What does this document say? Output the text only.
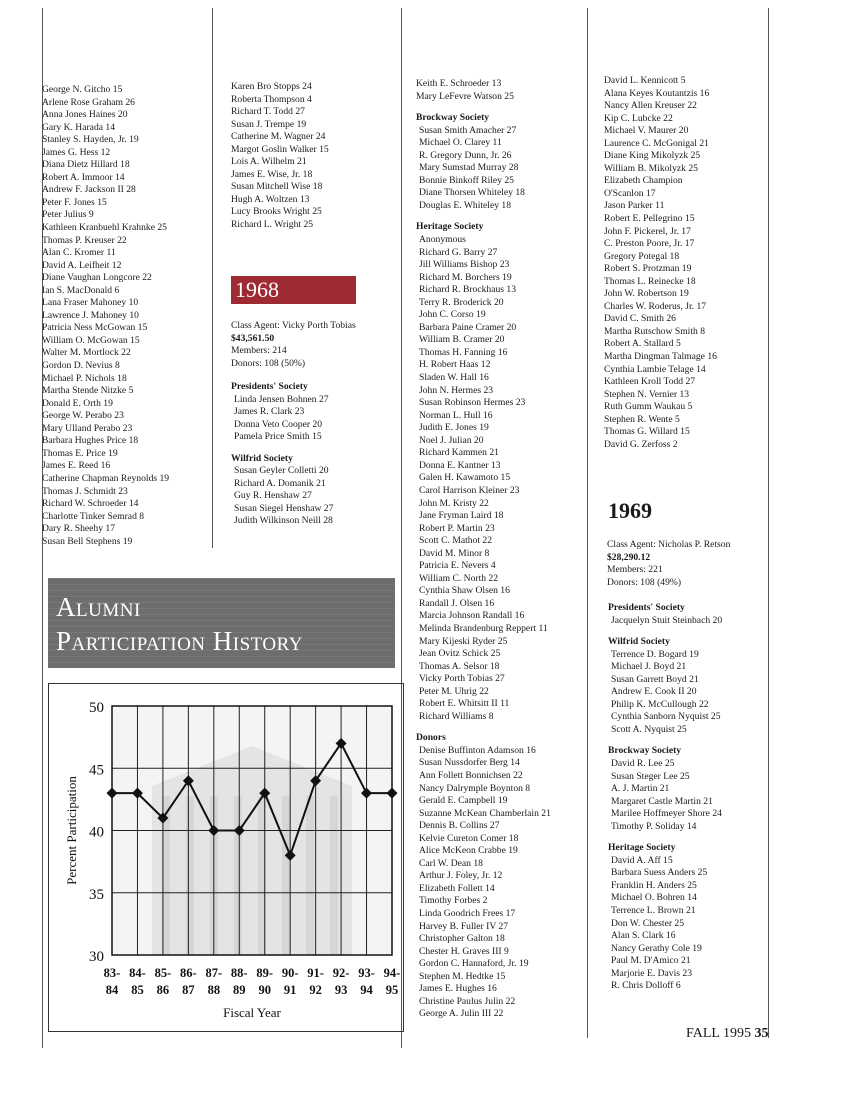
George N. Gitcho 15
Arlene Rose Graham 26
Anna Jones Haines 20
Gary K. Harada 14
Stanley S. Hayden, Jr. 19
James G. Hess 12
Diana Dietz Hillard 18
Robert A. Immoor 14
Andrew F. Jackson II 28
Peter F. Jones 15
Peter Julius 9
Kathleen Kranbuehl Krahnke 25
Thomas P. Kreuser 22
Alan C. Kromer 11
David A. Leifheit 12
Diane Vaughan Longcore 22
Ian S. MacDonald 6
Lana Fraser Mahoney 10
Lawrence J. Mahoney 10
Patricia Ness McGowan 15
William O. McGowan 15
Walter M. Mortlock 22
Gordon D. Nevius 8
Michael P. Nichols 18
Martha Stende Nitzke 5
Donald E. Orth 19
George W. Perabo 23
Mary Ulland Perabo 23
Barbara Hughes Price 18
Thomas E. Price 19
James E. Reed 16
Catherine Chapman Reynolds 19
Thomas J. Schmidt 23
Richard W. Schroeder 14
Charlotte Tinker Semrad 8
Dary R. Sheehy 17
Susan Bell Stephens 19
Karen Bro Stopps 24
Roberta Thompson 4
Richard T. Todd 27
Susan J. Trempe 19
Catherine M. Wagner 24
Margot Goslin Walker 15
Lois A. Wilhelm 21
James E. Wise, Jr. 18
Susan Mitchell Wise 18
Hugh A. Woltzen 13
Lucy Brooks Wright 25
Richard L. Wright 25
1968
Class Agent: Vicky Porth Tobias
$43,561.50
Members: 214
Donors: 108 (50%)
Presidents' Society
Linda Jensen Bohnen 27
James R. Clark 23
Donna Veto Cooper 20
Pamela Price Smith 15
Wilfrid Society
Susan Geyler Colletti 20
Richard A. Domanik 21
Guy R. Henshaw 27
Susan Siegel Henshaw 27
Judith Wilkinson Neill 28
Alumni
Participation History
30
35
40
45
50
83-
84
84-
85
85-
86
86-
87
87-
88
88-
89
89-
90
90-
91
91-
92
92-
93
93-
94
94-
95
Fiscal Year
Percent Participation
Keith E. Schroeder 13
Mary LeFevre Watson 25
Brockway Society
Susan Smith Amacher 27
Michael O. Clarey 11
R. Gregory Dunn, Jr. 26
Mary Sumstad Murray 28
Bonnie Binkoff Riley 25
Diane Thorsen Whiteley 18
Douglas E. Whiteley 18
Heritage Society
Anonymous
Richard G. Barry 27
Jill Williams Bishop 23
Richard M. Borchers 19
Richard R. Brockhaus 13
Terry R. Broderick 20
John C. Corso 19
Barbara Paine Cramer 20
William B. Cramer 20
Thomas H. Fanning 16
H. Robert Haas 12
Sladen W. Hall 16
John N. Hermes 23
Susan Robinson Hermes 23
Norman L. Hull 16
Judith E. Jones 19
Noel J. Julian 20
Richard Kammen 21
Donna E. Kantner 13
Galen H. Kawamoto 15
Carol Harrison Kleiner 23
John M. Kristy 22
Jane Fryman Laird 18
Robert P. Martin 23
Scott C. Mathot 22
David M. Minor 8
Patricia E. Nevers 4
William C. North 22
Cynthia Shaw Olsen 16
Randall J. Olsen 16
Marcia Johnson Randall 16
Melinda Brandenburg Reppert 11
Mary Kijeski Ryder 25
Jean Ovitz Schick 25
Thomas A. Selsor 18
Vicky Porth Tobias 27
Peter M. Uhrig 22
Robert E. Whitsitt II 11
Richard Williams 8
Donors
Denise Buffinton Adamson 16
Susan Nussdorfer Berg 14
Ann Follett Bonnichsen 22
Nancy Dalrymple Boynton 8
Gerald E. Campbell 19
Suzanne McKean Chamberlain 21
Dennis B. Collins 27
Kelvie Cureton Comer 18
Alice McKeon Crabbe 19
Carl W. Dean 18
Arthur J. Foley, Jr. 12
Elizabeth Follett 14
Timothy Forbes 2
Linda Goodrich Frees 17
Harvey B. Fuller IV 27
Christopher Galton 18
Chester H. Graves III 9
Gordon C. Hannaford, Jr. 19
Stephen M. Hedtke 15
James E. Hughes 16
Christine Paulus Julin 22
George A. Julin III 22
David L. Kennicott 5
Alana Keyes Koutantzis 16
Nancy Allen Kreuser 22
Kip C. Lubcke 22
Michael V. Maurer 20
Laurence C. McGonigal 21
Diane King Mikolyzk 25
William B. Mikolyzk 25
Elizabeth Champion
O'Scanlon 17
Jason Parker 11
Robert E. Pellegrino 15
John F. Pickerel, Jr. 17
C. Preston Poore, Jr. 17
Gregory Potegal 18
Robert S. Protzman 19
Thomas L. Reinecke 18
John W. Robertson 19
Charles W. Roderus, Jr. 17
David C. Smith 26
Martha Rutschow Smith 8
Robert A. Stallard 5
Martha Dingman Talmage 16
Cynthia Lambie Telage 14
Kathleen Kroll Todd 27
Stephen N. Vernier 13
Ruth Gumm Waukau 5
Stephen R. Wente 5
Thomas G. Willard 15
David G. Zerfoss 2
1969
Class Agent: Nicholas P. Retson
$28,290.12
Members: 221
Donors: 108 (49%)
Presidents' Society
Jacquelyn Stuit Steinbach 20
Wilfrid Society
Terrence D. Bogard 19
Michael J. Boyd 21
Susan Garrett Boyd 21
Andrew E. Cook II 20
Philip K. McCullough 22
Cynthia Sanborn Nyquist 25
Scott A. Nyquist 25
Brockway Society
David R. Lee 25
Susan Steger Lee 25
A. J. Martin 21
Margaret Castle Martin 21
Marilee Hoffmeyer Shore 24
Timothy P. Soliday 14
Heritage Society
David A. Aff 15
Barbara Suess Anders 25
Franklin H. Anders 25
Michael O. Bohren 14
Terrence L. Brown 21
Don W. Chester 25
Alan S. Clark 16
Nancy Gerathy Cole 19
Paul M. D'Amico 21
Marjorie E. Davis 23
R. Chris Dolloff 6
FALL 1995 35
